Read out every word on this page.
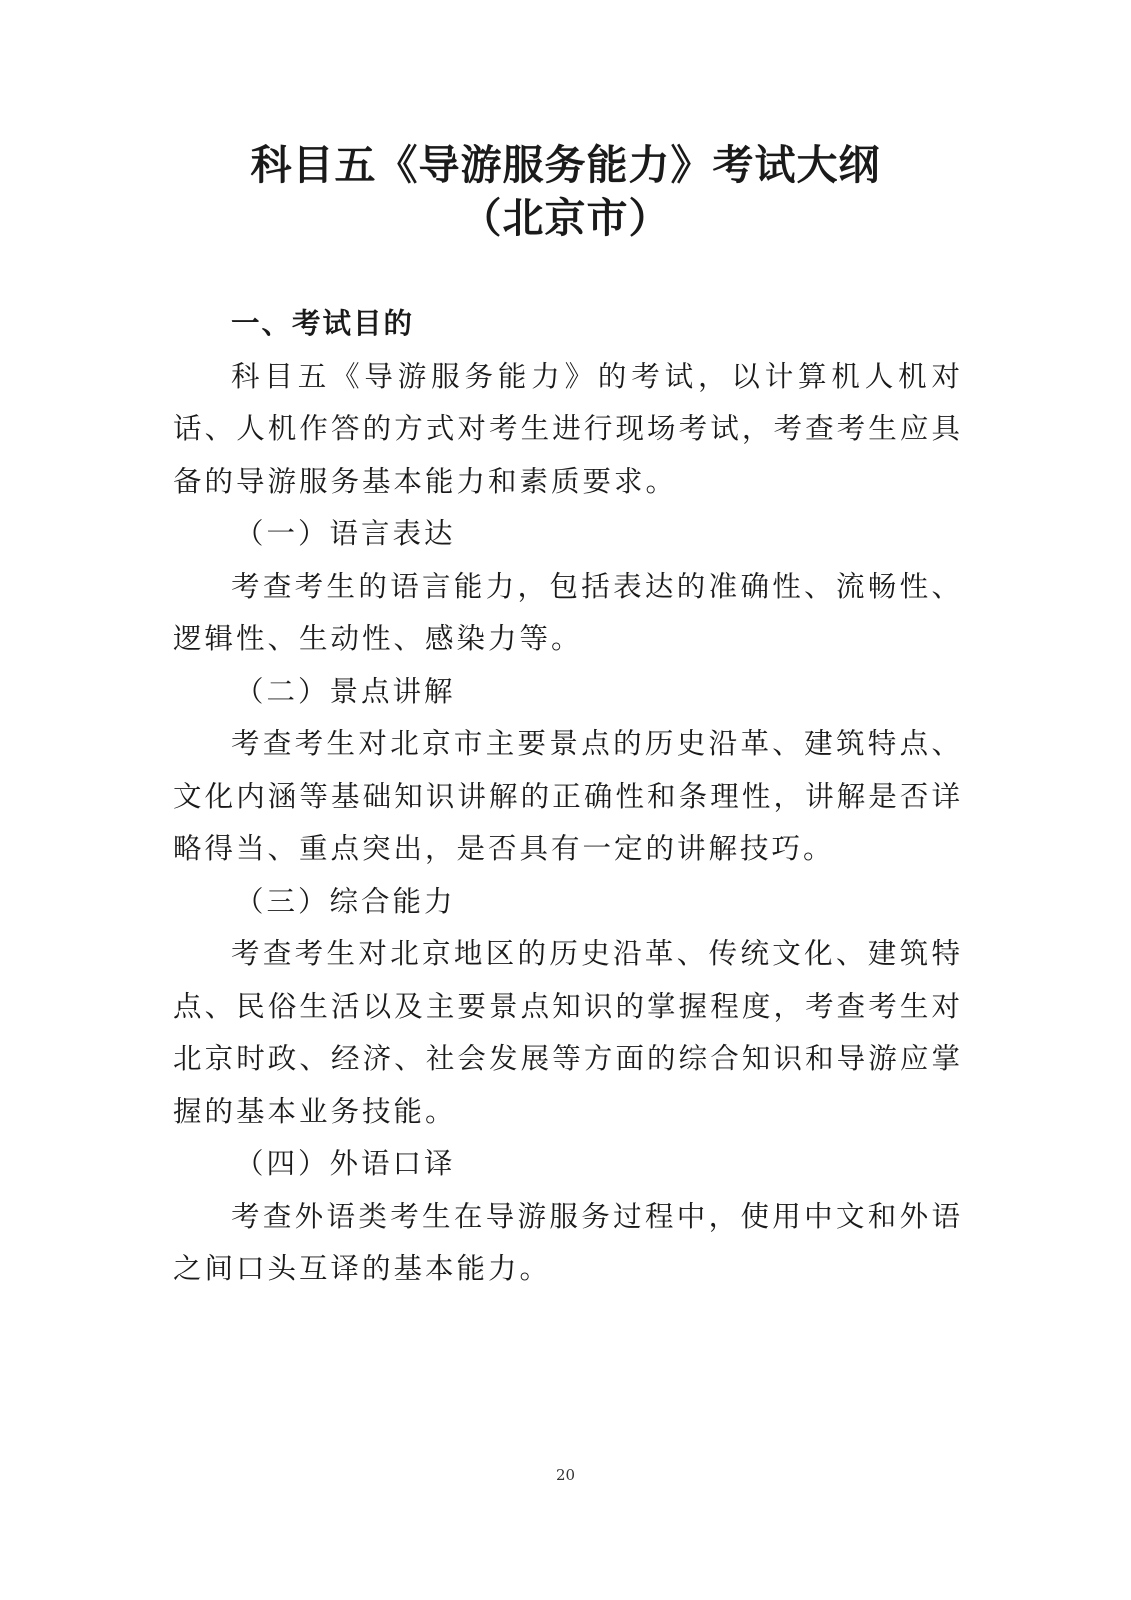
科目五《导游服务能力》考试大纲
（北京市）
一、考试目的

科目五《导游服务能力》的考试，以计算机人机对话、人机作答的方式对考生进行现场考试，考查考生应具备的导游服务基本能力和素质要求。

（一）语言表达

考查考生的语言能力，包括表达的准确性、流畅性、逻辑性、生动性、感染力等。

（二）景点讲解

考查考生对北京市主要景点的历史沿革、建筑特点、文化内涵等基础知识讲解的正确性和条理性，讲解是否详略得当、重点突出，是否具有一定的讲解技巧。

（三）综合能力

考查考生对北京地区的历史沿革、传统文化、建筑特点、民俗生活以及主要景点知识的掌握程度，考查考生对北京时政、经济、社会发展等方面的综合知识和导游应掌握的基本业务技能。

（四）外语口译

考查外语类考生在导游服务过程中，使用中文和外语之间口头互译的基本能力。

20
